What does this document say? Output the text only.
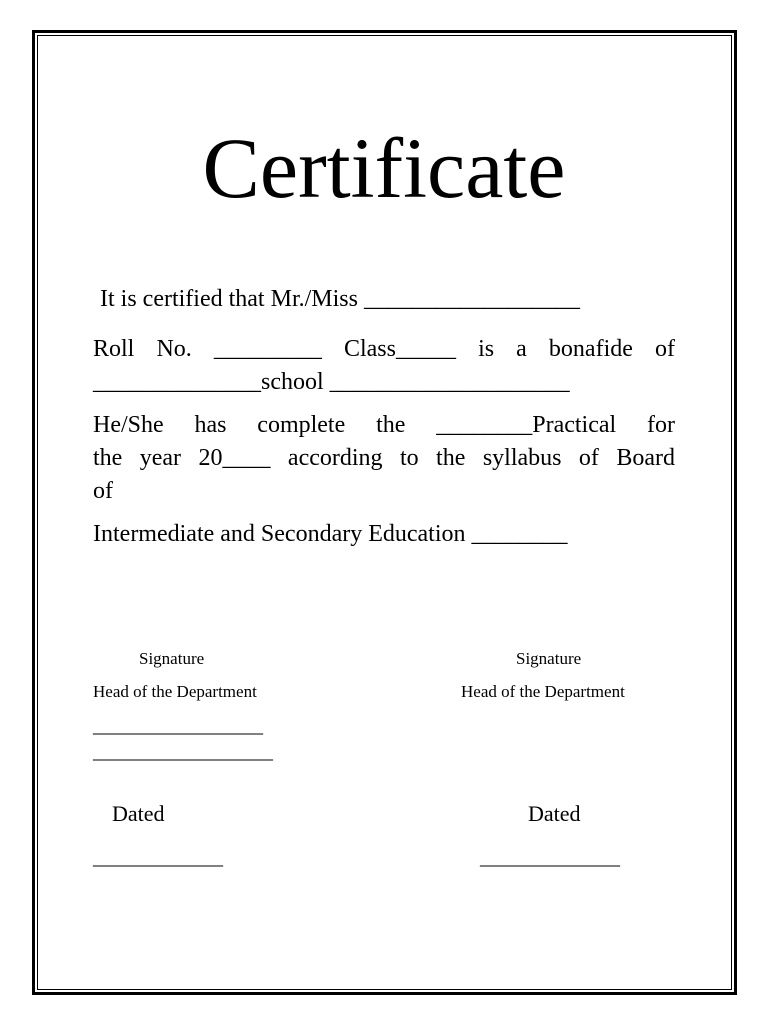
Certificate

It is certified that Mr./Miss __________________

Roll No. _________ Class_____ is a bonafide of
______________school ____________________
He/She has complete the ________Practical for
the year 20____ according to the syllabus of Board
of

Intermediate and Secondary Education ________

Signature

Head of the Department

_________________

__________________

Dated

_____________

Signature

Head of the Department

Dated

______________
